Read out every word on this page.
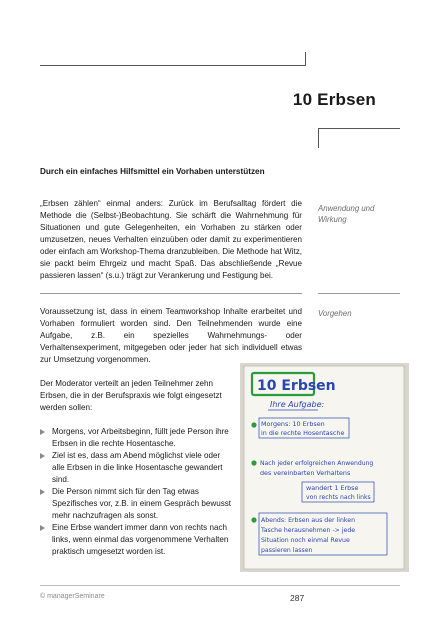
10 Erbsen
Durch ein einfaches Hilfsmittel ein Vorhaben unterstützen
„Erbsen zählen“ einmal anders: Zurück im Berufsalltag fördert die Methode die (Selbst-)Beobachtung. Sie schärft die Wahrnehmung für Situationen und gute Gelegenheiten, ein Vorhaben zu stärken oder umzusetzen, neues Verhalten einzuüben oder damit zu experimentieren oder einfach am Workshop-Thema dranzubleiben. Die Methode hat Witz, sie packt beim Ehrgeiz und macht Spaß. Das abschließende „Revue passieren lassen“ (s.u.) trägt zur Verankerung und Festigung bei.
Anwendung und
Wirkung
Voraussetzung ist, dass in einem Teamworkshop Inhalte erarbeitet und Vorhaben formuliert worden sind. Den Teilnehmenden wurde eine Aufgabe, z.B. ein spezielles Wahrnehmungs- oder Verhaltensexperiment, mitgegeben oder jeder hat sich individuell etwas zur Umsetzung vorgenommen.
Vorgehen
Der Moderator verteilt an jeden Teilnehmer zehn Erbsen, die in der Berufspraxis wie folgt eingesetzt werden sollen:
Morgens, vor Arbeitsbeginn, füllt jede Person ihre Erbsen in die rechte Hosentasche.
Ziel ist es, dass am Abend möglichst viele oder alle Erbsen in die linke Hosentasche gewandert sind.
Die Person nimmt sich für den Tag etwas Spezifisches vor, z.B. in einem Gespräch bewusst mehr nachzufragen als sonst.
Eine Erbse wandert immer dann von rechts nach links, wenn einmal das vorgenommene Verhalten praktisch umgesetzt worden ist.
10 Erbsen
Ihre Aufgabe:
Morgens: 10 Erbsen
in die rechte Hosentasche
Nach jeder erfolgreichen Anwendung
des vereinbarten Verhaltens
wandert 1 Erbse
von rechts nach links
Abends: Erbsen aus der linken
Tasche herausnehmen -> jede
Situation noch einmal Revue
passieren lassen
© managerSeminare	287
